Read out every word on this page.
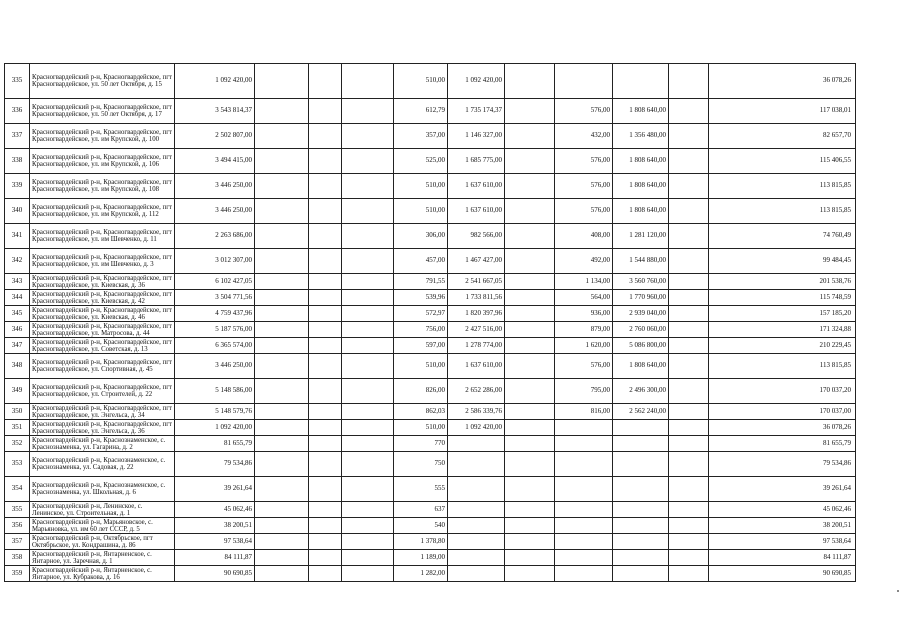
335	Красногвардейский р-н, Красногвардейское, пгт Красногвардейское, ул. 50 лет Октября, д. 15	1 092 420,00				510,00	1 092 420,00					36 078,26
336	Красногвардейский р-н, Красногвардейское, пгт Красногвардейское, ул. 50 лет Октября, д. 17	3 543 814,37				612,79	1 735 174,37		576,00	1 808 640,00		117 038,01
337	Красногвардейский р-н, Красногвардейское, пгт Красногвардейское, ул. им Крупской, д. 100	2 502 807,00				357,00	1 146 327,00		432,00	1 356 480,00		82 657,70
338	Красногвардейский р-н, Красногвардейское, пгт Красногвардейское, ул. им Крупской, д. 106	3 494 415,00				525,00	1 685 775,00		576,00	1 808 640,00		115 406,55
339	Красногвардейский р-н, Красногвардейское, пгт Красногвардейское, ул. им Крупской, д. 108	3 446 250,00				510,00	1 637 610,00		576,00	1 808 640,00		113 815,85
340	Красногвардейский р-н, Красногвардейское, пгт Красногвардейское, ул. им Крупской, д. 112	3 446 250,00				510,00	1 637 610,00		576,00	1 808 640,00		113 815,85
341	Красногвардейский р-н, Красногвардейское, пгт Красногвардейское, ул. им Шевченко, д. 11	2 263 686,00				306,00	982 566,00		408,00	1 281 120,00		74 760,49
342	Красногвардейский р-н, Красногвардейское, пгт Красногвардейское, ул. им Шевченко, д. 3	3 012 307,00				457,00	1 467 427,00		492,00	1 544 880,00		99 484,45
343	Красногвардейский р-н, Красногвардейское, пгт Красногвардейское, ул. Киевская, д. 36	6 102 427,05				791,55	2 541 667,05		1 134,00	3 560 760,00		201 538,76
344	Красногвардейский р-н, Красногвардейское, пгт Красногвардейское, ул. Киевская, д. 42	3 504 771,56				539,96	1 733 811,56		564,00	1 770 960,00		115 748,59
345	Красногвардейский р-н, Красногвардейское, пгт Красногвардейское, ул. Киевская, д. 46	4 759 437,96				572,97	1 820 397,96		936,00	2 939 040,00		157 185,20
346	Красногвардейский р-н, Красногвардейское, пгт Красногвардейское, ул. Матросова, д. 44	5 187 576,00				756,00	2 427 516,00		879,00	2 760 060,00		171 324,88
347	Красногвардейский р-н, Красногвардейское, пгт Красногвардейское, ул. Советская, д. 13	6 365 574,00				597,00	1 278 774,00		1 620,00	5 086 800,00		210 229,45
348	Красногвардейский р-н, Красногвардейское, пгт Красногвардейское, ул. Спортивная, д. 45	3 446 250,00				510,00	1 637 610,00		576,00	1 808 640,00		113 815,85
349	Красногвардейский р-н, Красногвардейское, пгт Красногвардейское, ул. Строителей, д. 22	5 148 586,00				826,00	2 652 286,00		795,00	2 496 300,00		170 037,20
350	Красногвардейский р-н, Красногвардейское, пгт Красногвардейское, ул. Энгельса, д. 34	5 148 579,76				862,03	2 586 339,76		816,00	2 562 240,00		170 037,00
351	Красногвардейский р-н, Красногвардейское, пгт Красногвардейское, ул. Энгельса, д. 36	1 092 420,00				510,00	1 092 420,00					36 078,26
352	Красногвардейский р-н, Краснознаменское, с. Краснознаменка, ул. Гагарина, д. 2	81 655,79				770						81 655,79
353	Красногвардейский р-н, Краснознаменское, с. Краснознаменка, ул. Садовая, д. 22	79 534,86				750						79 534,86
354	Красногвардейский р-н, Краснознаменское, с. Краснознаменка, ул. Школьная, д. 6	39 261,64				555						39 261,64
355	Красногвардейский р-н, Ленинское, с. Ленинское, ул. Строительная, д. 1	45 062,46				637						45 062,46
356	Красногвардейский р-н, Марьяновское, с. Марьяновка, ул. им 60 лет СССР, д. 5	38 200,51				540						38 200,51
357	Красногвардейский р-н, Октябрьское, пгт Октябрьское, ул. Кондрашина, д. 86	97 538,64				1 378,80						97 538,64
358	Красногвардейский р-н, Янтарненское, с. Янтарное, ул. Заречная, д. 1	84 111,87				1 189,00						84 111,87
359	Красногвардейский р-н, Янтарненское, с. Янтарное, ул. Кубракова, д. 16	90 690,85				1 282,00						90 690,85
